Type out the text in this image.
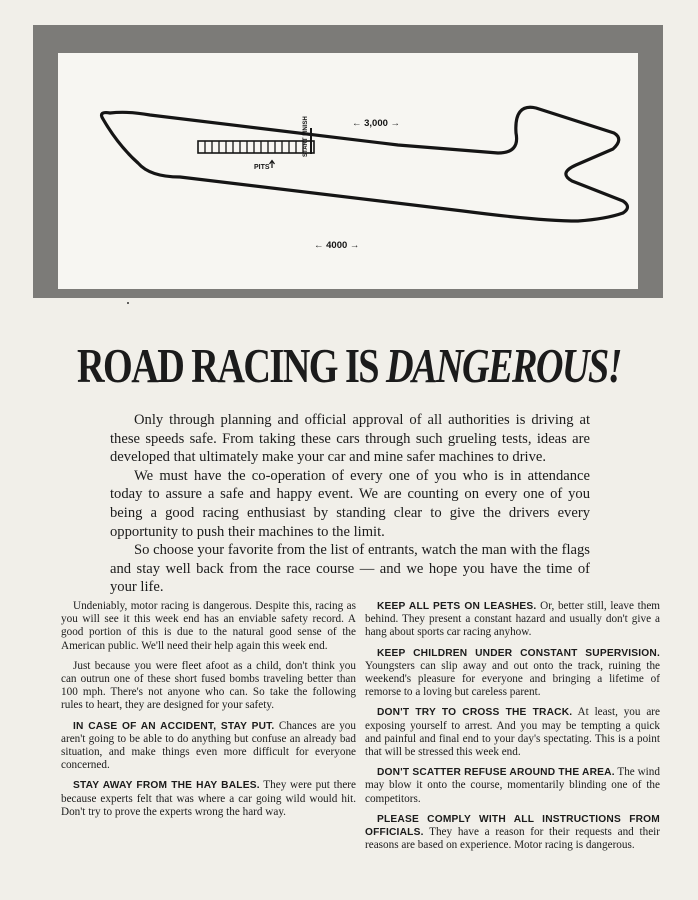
START FINISH
PITS
← 3,000 →
← 4000 →
ROAD RACING IS DANGEROUS!

Only through planning and official approval of all authorities is driving at these speeds safe. From taking these cars through such grueling tests, ideas are developed that ultimately make your car and mine safer machines to drive.

We must have the co-operation of every one of you who is in attendance today to assure a safe and happy event. We are counting on every one of you being a good racing enthusiast by standing clear to give the drivers every opportunity to push their machines to the limit.

So choose your favorite from the list of entrants, watch the man with the flags and stay well back from the race course — and we hope you have the time of your life.

Undeniably, motor racing is dangerous. Despite this, racing as you will see it this week end has an enviable safety record. A good portion of this is due to the natural good sense of the American public. We'll need their help again this week end.

Just because you were fleet afoot as a child, don't think you can outrun one of these short fused bombs traveling better than 100 mph. There's not anyone who can. So take the following rules to heart, they are designed for your safety.

IN CASE OF AN ACCIDENT, STAY PUT. Chances are you aren't going to be able to do anything but confuse an already bad situation, and make things even more difficult for everyone concerned.

STAY AWAY FROM THE HAY BALES. They were put there because experts felt that was where a car going wild would hit. Don't try to prove the experts wrong the hard way.

KEEP ALL PETS ON LEASHES. Or, better still, leave them behind. They present a constant hazard and usually don't give a hang about sports car racing anyhow.

KEEP CHILDREN UNDER CONSTANT SUPERVISION. Youngsters can slip away and out onto the track, ruining the weekend's pleasure for everyone and bringing a lifetime of remorse to a loving but careless parent.

DON'T TRY TO CROSS THE TRACK. At least, you are exposing yourself to arrest. And you may be tempting a quick and painful and final end to your day's spectating. This is a point that will be stressed this week end.

DON'T SCATTER REFUSE AROUND THE AREA. The wind may blow it onto the course, momentarily blinding one of the competitors.

PLEASE COMPLY WITH ALL INSTRUCTIONS FROM OFFICIALS. They have a reason for their requests and their reasons are based on experience. Motor racing is dangerous.
